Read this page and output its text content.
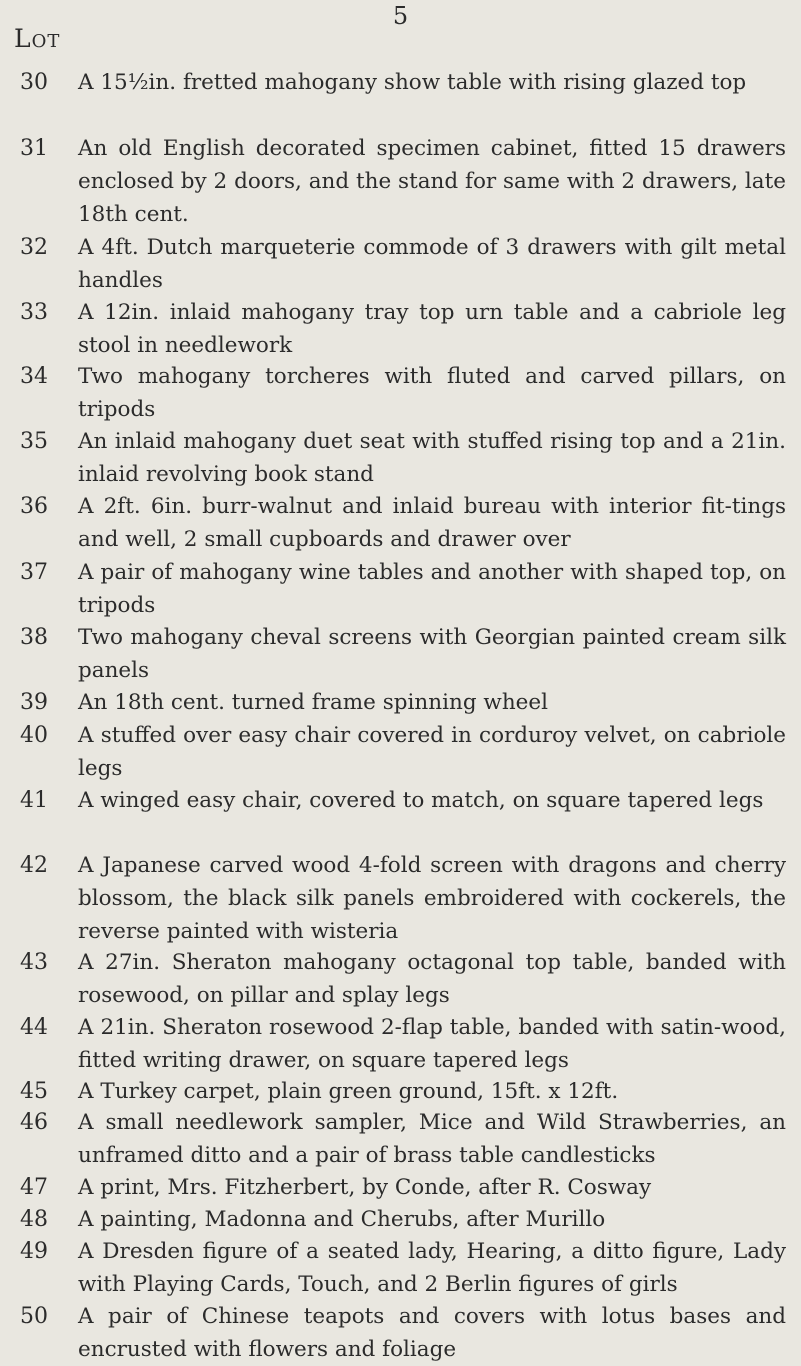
5
Lot
30	A 15½in. fretted mahogany show table with rising glazed top
31	An old English decorated specimen cabinet, fitted 15 drawers enclosed by 2 doors, and the stand for same with 2 drawers, late 18th cent.
32	A 4ft. Dutch marqueterie commode of 3 drawers with gilt metal handles
33	A 12in. inlaid mahogany tray top urn table and a cabriole leg stool in needlework
34	Two mahogany torcheres with fluted and carved pillars, on tripods
35	An inlaid mahogany duet seat with stuffed rising top and a 21in. inlaid revolving book stand
36	A 2ft. 6in. burr-walnut and inlaid bureau with interior fit-tings and well, 2 small cupboards and drawer over
37	A pair of mahogany wine tables and another with shaped top, on tripods
38	Two mahogany cheval screens with Georgian painted cream silk panels
39	An 18th cent. turned frame spinning wheel
40	A stuffed over easy chair covered in corduroy velvet, on cabriole legs
41	A winged easy chair, covered to match, on square tapered legs
42	A Japanese carved wood 4-fold screen with dragons and cherry blossom, the black silk panels embroidered with cockerels, the reverse painted with wisteria
43	A 27in. Sheraton mahogany octagonal top table, banded with rosewood, on pillar and splay legs
44	A 21in. Sheraton rosewood 2-flap table, banded with satin-wood, fitted writing drawer, on square tapered legs
45	A Turkey carpet, plain green ground, 15ft. x 12ft.
46	A small needlework sampler, Mice and Wild Strawberries, an unframed ditto and a pair of brass table candlesticks
47	A print, Mrs. Fitzherbert, by Conde, after R. Cosway
48	A painting, Madonna and Cherubs, after Murillo
49	A Dresden figure of a seated lady, Hearing, a ditto figure, Lady with Playing Cards, Touch, and 2 Berlin figures of girls
50	A pair of Chinese teapots and covers with lotus bases and encrusted with flowers and foliage
